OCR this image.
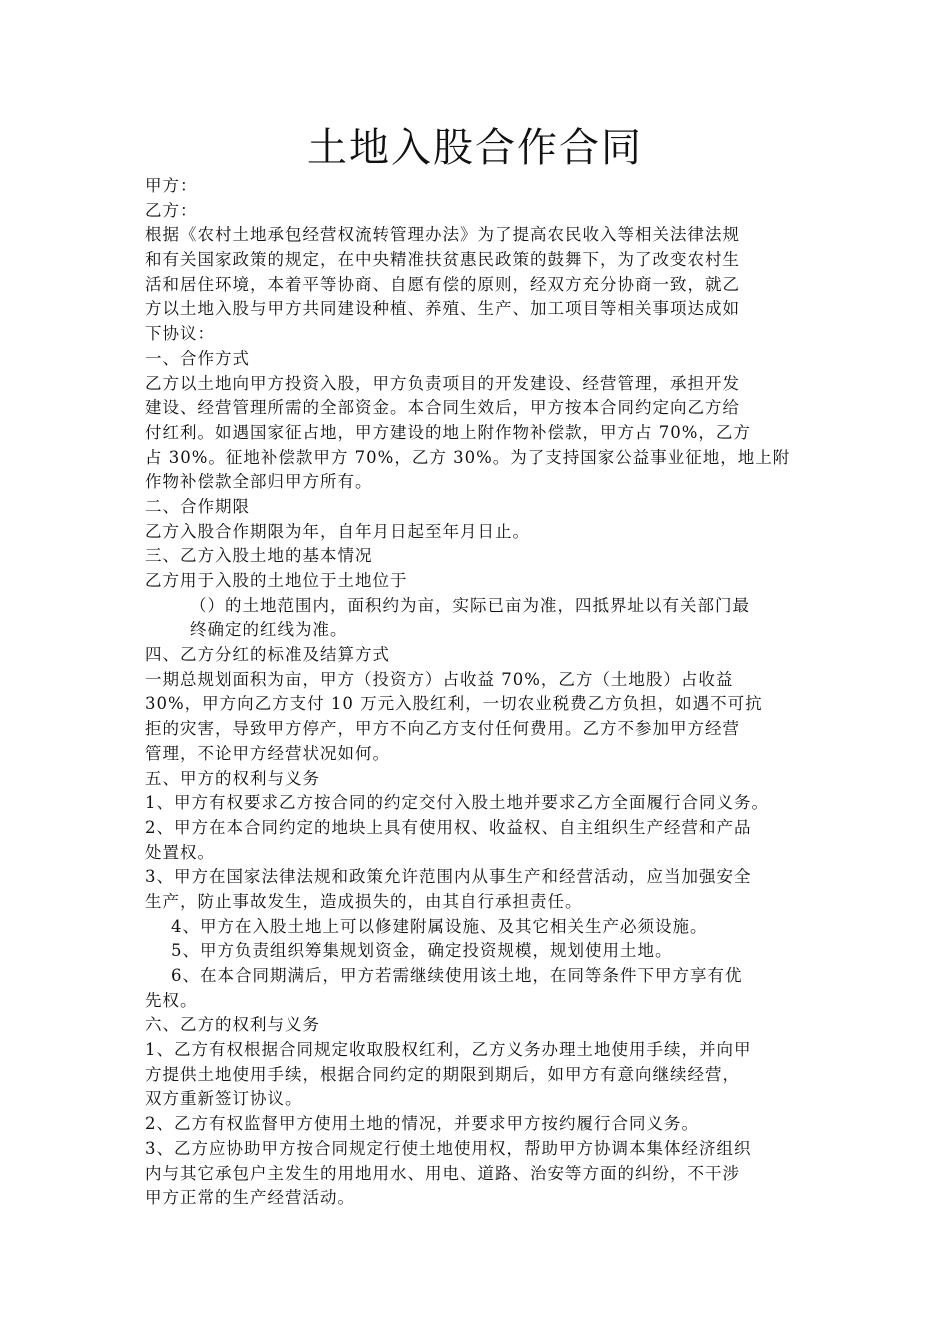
土地入股合作合同
甲方：
乙方：
根据《农村土地承包经营权流转管理办法》为了提高农民收入等相关法律法规
和有关国家政策的规定，在中央精准扶贫惠民政策的鼓舞下，为了改变农村生
活和居住环境，本着平等协商、自愿有偿的原则，经双方充分协商一致，就乙
方以土地入股与甲方共同建设种植、养殖、生产、加工项目等相关事项达成如
下协议：
一、合作方式
乙方以土地向甲方投资入股，甲方负责项目的开发建设、经营管理，承担开发
建设、经营管理所需的全部资金。本合同生效后，甲方按本合同约定向乙方给
付红利。如遇国家征占地，甲方建设的地上附作物补偿款，甲方占 70%，乙方
占 30%。征地补偿款甲方 70%，乙方 30%。为了支持国家公益事业征地，地上附
作物补偿款全部归甲方所有。
二、合作期限
乙方入股合作期限为年，自年月日起至年月日止。
三、乙方入股土地的基本情况
乙方用于入股的土地位于土地位于
（）的土地范围内，面积约为亩，实际已亩为准，四抵界址以有关部门最
终确定的红线为准。
四、乙方分红的标准及结算方式
一期总规划面积为亩，甲方（投资方）占收益 70%，乙方（土地股）占收益
30%，甲方向乙方支付 10 万元入股红利，一切农业税费乙方负担，如遇不可抗
拒的灾害，导致甲方停产，甲方不向乙方支付任何费用。乙方不参加甲方经营
管理，不论甲方经营状况如何。
五、甲方的权利与义务
1、甲方有权要求乙方按合同的约定交付入股土地并要求乙方全面履行合同义务。
2、甲方在本合同约定的地块上具有使用权、收益权、自主组织生产经营和产品
处置权。
3、甲方在国家法律法规和政策允许范围内从事生产和经营活动，应当加强安全
生产，防止事故发生，造成损失的，由其自行承担责任。
4、甲方在入股土地上可以修建附属设施、及其它相关生产必须设施。
5、甲方负责组织筹集规划资金，确定投资规模，规划使用土地。
6、在本合同期满后，甲方若需继续使用该土地，在同等条件下甲方享有优
先权。
六、乙方的权利与义务
1、乙方有权根据合同规定收取股权红利，乙方义务办理土地使用手续，并向甲
方提供土地使用手续，根据合同约定的期限到期后，如甲方有意向继续经营，
双方重新签订协议。
2、乙方有权监督甲方使用土地的情况，并要求甲方按约履行合同义务。
3、乙方应协助甲方按合同规定行使土地使用权，帮助甲方协调本集体经济组织
内与其它承包户主发生的用地用水、用电、道路、治安等方面的纠纷，不干涉
甲方正常的生产经营活动。
